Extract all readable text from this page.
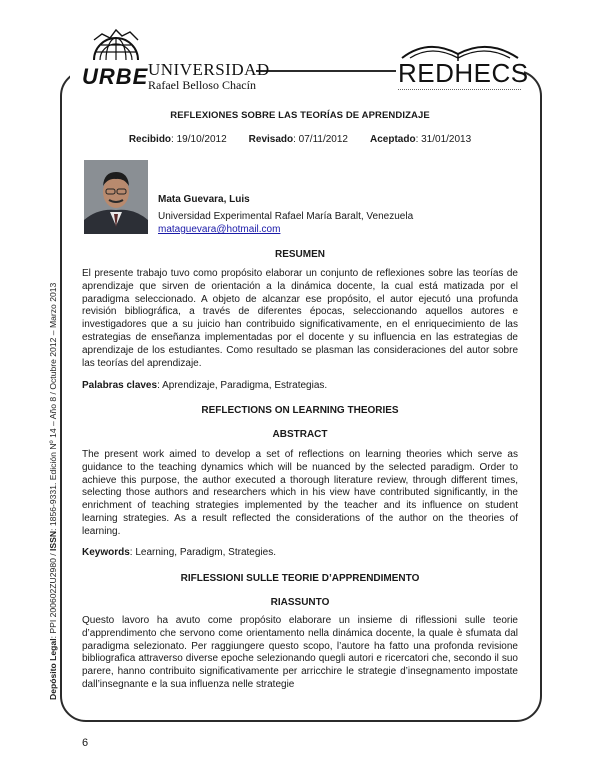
URBE UNIVERSIDAD
Rafael Belloso Chacín	REDHECS
Depósito Legal: PPI 200602ZU2980 / ISSN: 1856-9331. Edición Nº 14 – Año 8 / Octubre 2012 – Marzo 2013
REFLEXIONES SOBRE LAS TEORÍAS DE APRENDIZAJE
Recibido: 19/10/2012 Revisado: 07/11/2012 Aceptado: 31/01/2013
Mata Guevara, Luis
Universidad Experimental Rafael María Baralt, Venezuela
mataguevara@hotmail.com
RESUMEN

El presente trabajo tuvo como propósito elaborar un conjunto de reflexiones sobre las teorías de aprendizaje que sirven de orientación a la dinámica docente, la cual está matizada por el paradigma seleccionado. A objeto de alcanzar ese propósito, el autor ejecutó una profunda revisión bibliográfica, a través de diferentes épocas, seleccionando aquellos autores e investigadores que a su juicio han contribuido significativamente, en el enriquecimiento de las estrategias de enseñanza implementadas por el docente y su influencia en las estrategias de aprendizaje de los estudiantes. Como resultado se plasman las consideraciones del autor sobre las teorías del aprendizaje.

Palabras claves: Aprendizaje, Paradigma, Estrategias.
REFLECTIONS ON LEARNING THEORIES
ABSTRACT

The present work aimed to develop a set of reflections on learning theories which serve as guidance to the teaching dynamics which will be nuanced by the selected paradigm. Order to achieve this purpose, the author executed a thorough literature review, through different times, selecting those authors and researchers which in his view have contributed significantly, in the enrichment of teaching strategies implemented by the teacher and its influence on student learning strategies. As a result reflected the considerations of the author on the theories of learning.

Keywords: Learning, Paradigm, Strategies.
RIFLESSIONI SULLE TEORIE D’APPRENDIMENTO
RIASSUNTO

Questo lavoro ha avuto come propósito elaborare un insieme di riflessioni sulle teorie d’apprendimento che servono come orientamento nella dinámica docente, la quale è sfumata dal paradigma selezionato. Per raggiungere questo scopo, l’autore ha fatto una profonda revisione bibliografica attraverso diverse epoche selezionando quegli autori e ricercatori che, secondo il suo parere, hanno contribuito significativamente per arricchire le strategie d’insegnamento impostate dall’insegnante e la sua influenza nelle strategie

6
